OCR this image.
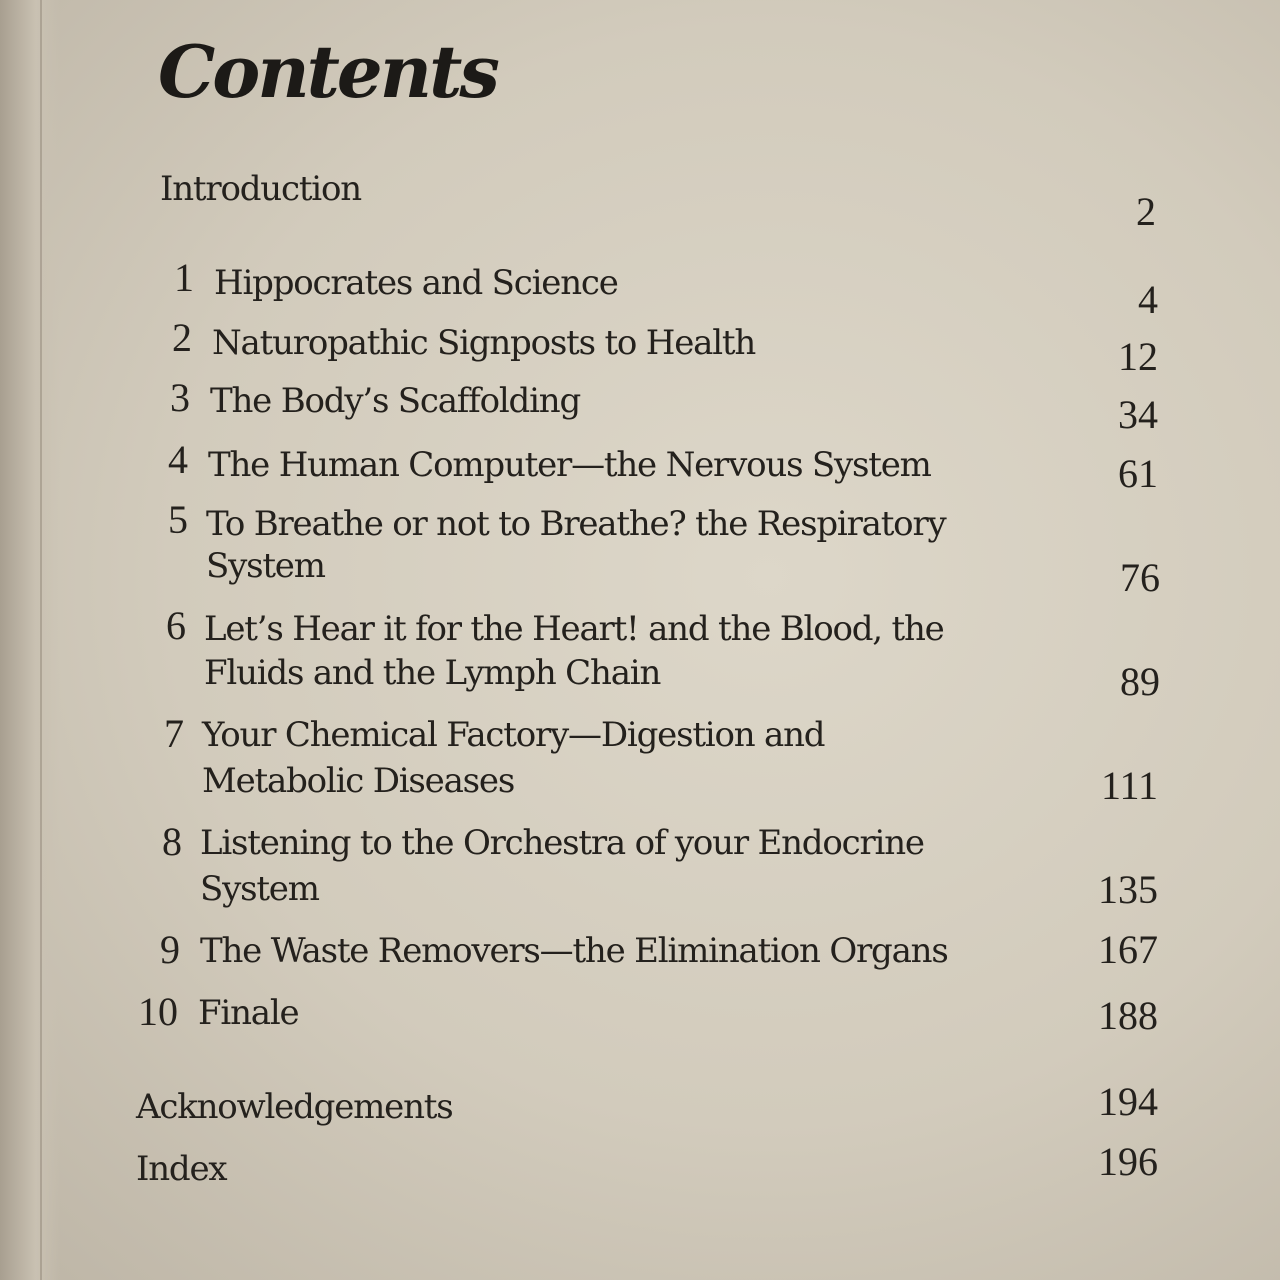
Contents
Introduction	2
1 Hippocrates and Science	4
2 Naturopathic Signposts to Health	12
3 The Body’s Scaffolding	34
4 The Human Computer—the Nervous System	61
5 To Breathe or not to Breathe? the Respiratory
System	76
6 Let’s Hear it for the Heart! and the Blood, the
Fluids and the Lymph Chain	89
7 Your Chemical Factory—Digestion and
Metabolic Diseases	111
8 Listening to the Orchestra of your Endocrine
System	135
9 The Waste Removers—the Elimination Organs	167
10 Finale	188
Acknowledgements	194
Index	196
